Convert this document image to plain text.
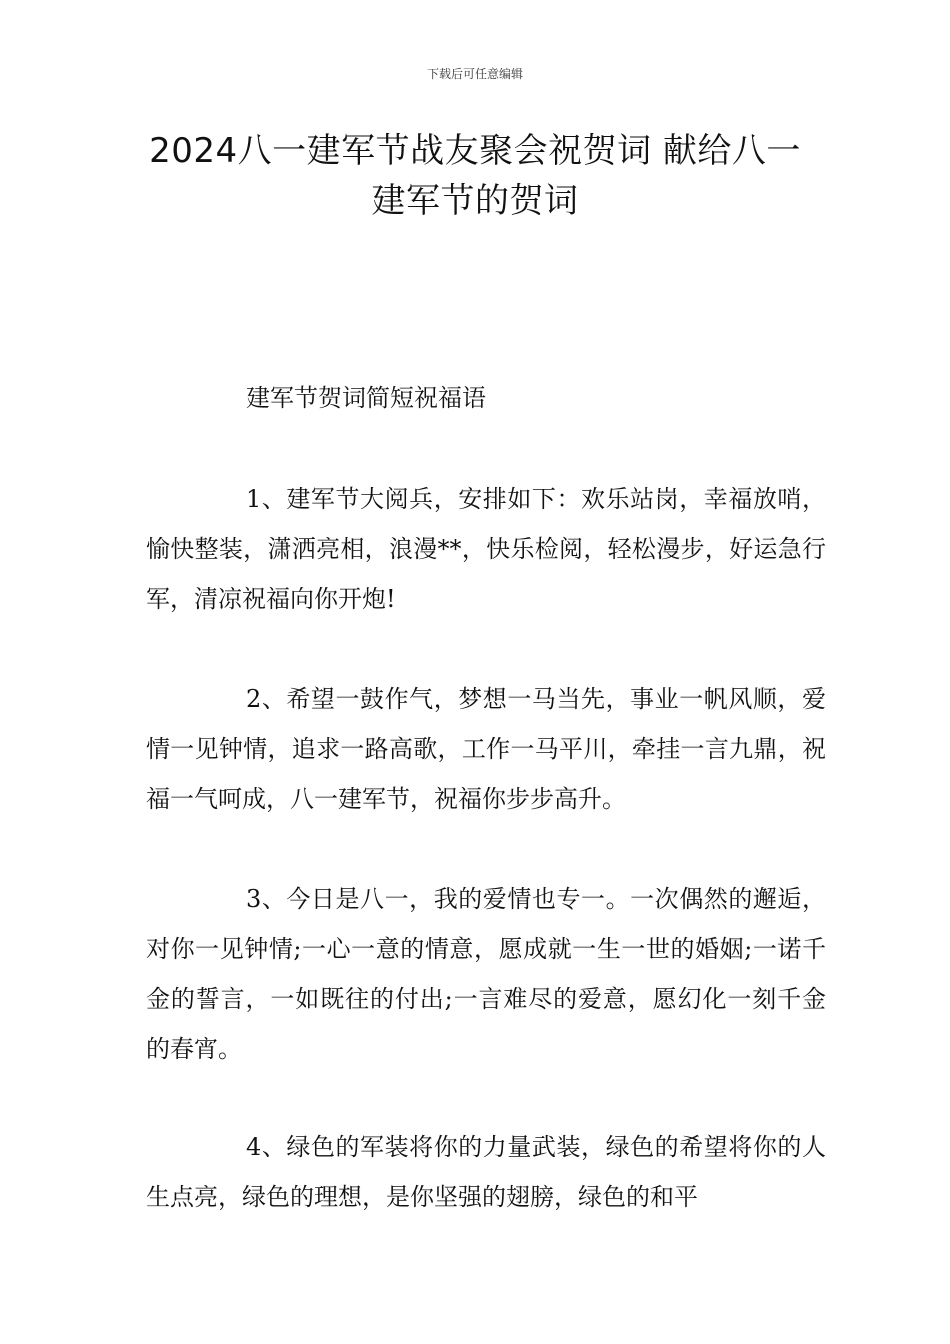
下载后可任意编辑
2024八一建军节战友聚会祝贺词 献给八一
建军节的贺词
建军节贺词简短祝福语

1、建军节大阅兵，安排如下：欢乐站岗，幸福放哨，愉快整装，潇洒亮相，浪漫**，快乐检阅，轻松漫步，好运急行军，清凉祝福向你开炮!

2、希望一鼓作气，梦想一马当先，事业一帆风顺，爱情一见钟情，追求一路高歌，工作一马平川，牵挂一言九鼎，祝福一气呵成，八一建军节，祝福你步步高升。

3、今日是八一，我的爱情也专一。一次偶然的邂逅，对你一见钟情;一心一意的情意，愿成就一生一世的婚姻;一诺千金的誓言，一如既往的付出;一言难尽的爱意，愿幻化一刻千金的春宵。

4、绿色的军装将你的力量武装，绿色的希望将你的人生点亮，绿色的理想，是你坚强的翅膀，绿色的和平
